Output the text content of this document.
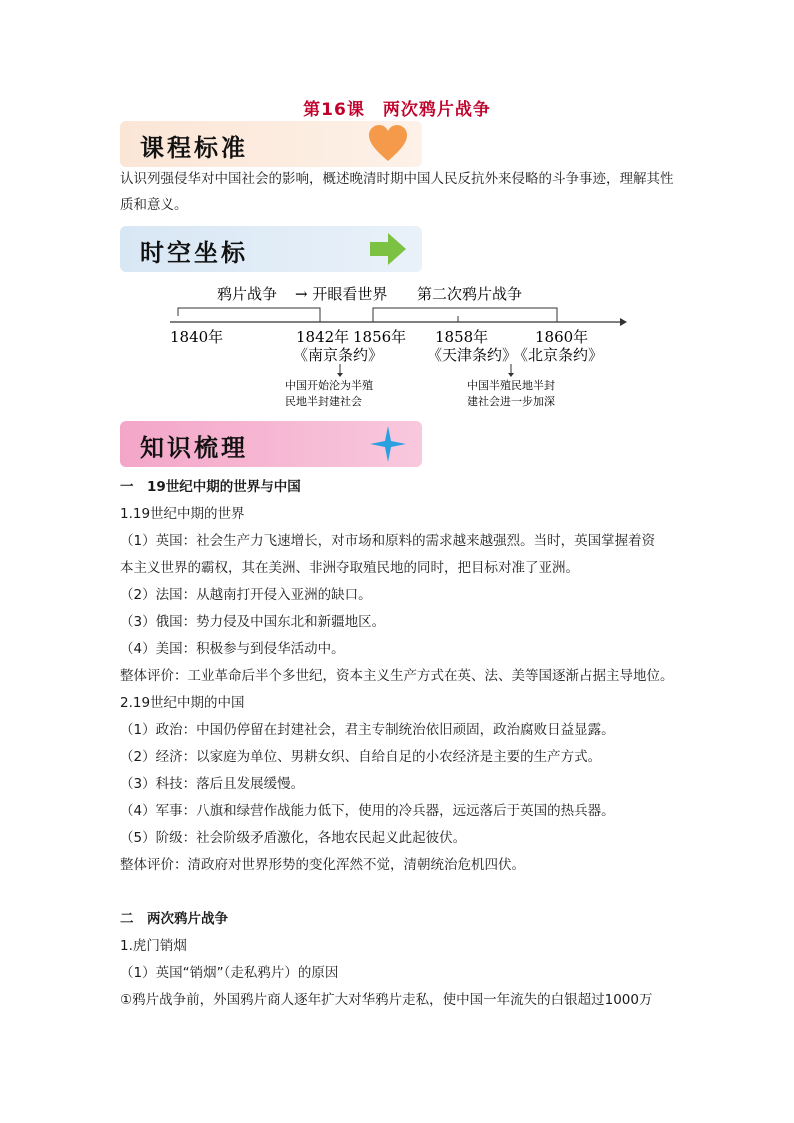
第16课　两次鸦片战争
课程标准

认识列强侵华对中国社会的影响，概述晚清时期中国人民反抗外来侵略的斗争事迹，理解其性质和意义。

时空坐标
鸦片战争 → 开眼看世界 第二次鸦片战争
1840年	1842年 1856年 1858年	1860年
《南京条约》	《天津条约》
《北京条约》
中国开始沦为半殖
民地半封建社会
中国半殖民地半封
建社会进一步加深
知识梳理
一　19世纪中期的世界与中国
1.19世纪中期的世界
（1）英国：社会生产力飞速增长，对市场和原料的需求越来越强烈。当时，英国掌握着资
本主义世界的霸权，其在美洲、非洲夺取殖民地的同时，把目标对准了亚洲。
（2）法国：从越南打开侵入亚洲的缺口。
（3）俄国：势力侵及中国东北和新疆地区。
（4）美国：积极参与到侵华活动中。
整体评价：工业革命后半个多世纪，资本主义生产方式在英、法、美等国逐渐占据主导地位。
2.19世纪中期的中国
（1）政治：中国仍停留在封建社会，君主专制统治依旧顽固，政治腐败日益显露。
（2）经济：以家庭为单位、男耕女织、自给自足的小农经济是主要的生产方式。
（3）科技：落后且发展缓慢。
（4）军事：八旗和绿营作战能力低下，使用的冷兵器，远远落后于英国的热兵器。
（5）阶级：社会阶级矛盾激化，各地农民起义此起彼伏。
整体评价：清政府对世界形势的变化浑然不觉，清朝统治危机四伏。
二　两次鸦片战争
1.虎门销烟
（1）英国“销烟”（走私鸦片）的原因
①鸦片战争前，外国鸦片商人逐年扩大对华鸦片走私，使中国一年流失的白银超过1000万
